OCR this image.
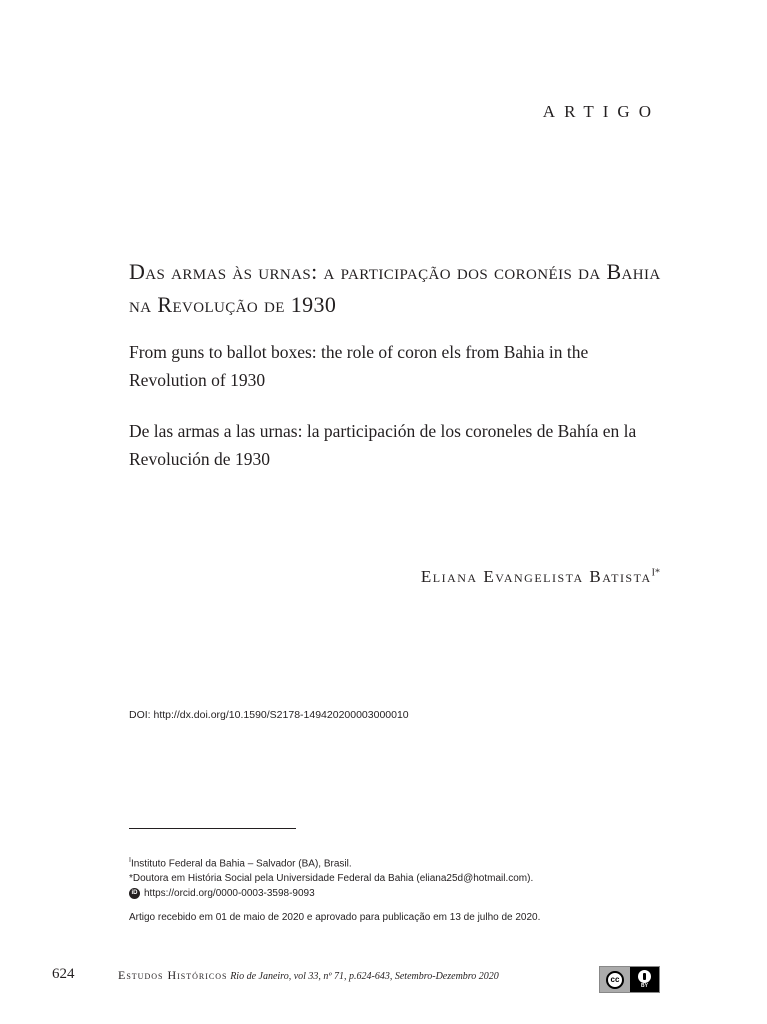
ARTIGO
Das armas às urnas: a participação dos coronéis da Bahia na Revolução de 1930
From guns to ballot boxes: the role of coron els from Bahia in the Revolution of 1930
De las armas a las urnas: la participación de los coroneles de Bahía en la Revolución de 1930
Eliana Evangelista Batista$^{I*}$
DOI: http://dx.doi.org/10.1590/S2178-149420200003000010
$^I$Instituto Federal da Bahia – Salvador (BA), Brasil.
*Doutora em História Social pela Universidade Federal da Bahia (eliana25d@hotmail.com).
iD https://orcid.org/0000-0003-3598-9093
Artigo recebido em 01 de maio de 2020 e aprovado para publicação em 13 de julho de 2020.
624	Estudos Históricos Rio de Janeiro, vol 33, nº 71, p.624-643, Setembro-Dezembro 2020	cc
BY
